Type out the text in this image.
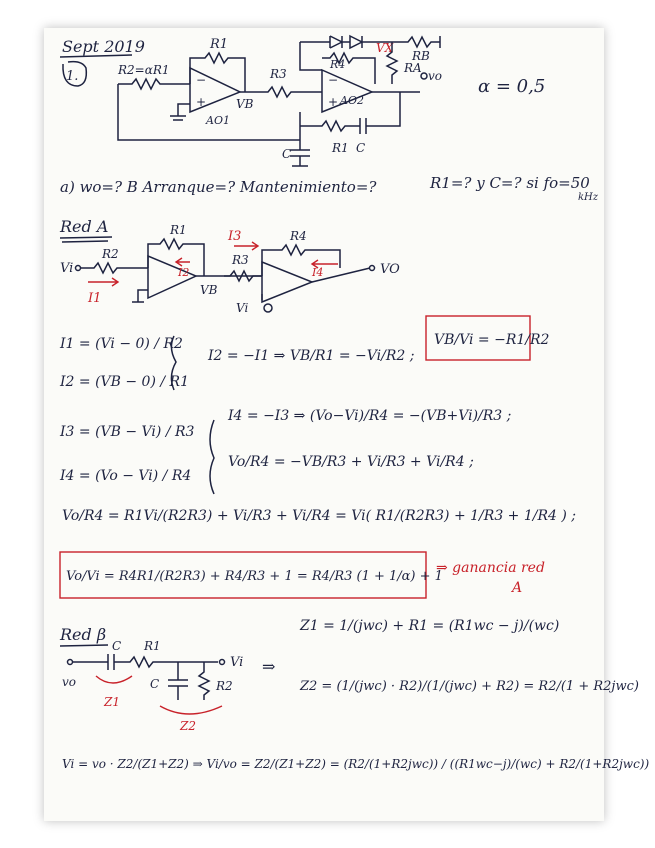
Sept 2019
1.	α = 0,5
R2=αR1
R1
−
+
AO1
VB
R3
R4
−
+ AO2
vo
VX
RB
RA
C	R1 C
a) wo=? B Arranque=? Mantenimiento=?	R1=? y C=? si fo=50
kHz
Red A
Vi
R2
I1
R1
I2
VB
I3
R3
R4
I4	VO
Vi
I1 = (Vi − 0) / R2
I2 = (VB − 0) / R1
I2 = −I1 ⇒ VB/R1 = −Vi/R2 ;
VB/Vi = −R1/R2
I3 = (VB − Vi) / R3
I4 = (Vo − Vi) / R4
I4 = −I3 ⇒ (Vo−Vi)/R4 = −(VB+Vi)/R3 ;
Vo/R4 = −VB/R3 + Vi/R3 + Vi/R4 ;
Vo/R4 = R1Vi/(R2R3) + Vi/R3 + Vi/R4 = Vi( R1/(R2R3) + 1/R3 + 1/R4 ) ;
Vo/Vi = R4R1/(R2R3) + R4/R3 + 1 = R4/R3 (1 + 1/α) + 1
⇒ ganancia red
A
Red β
vo
C R1
Vi
C	R2
Z1
Z2
⇒
Z1 = 1/(jwc) + R1 = (R1wc − j)/(wc)
Z2 = (1/(jwc) · R2)/(1/(jwc) + R2) = R2/(1 + R2jwc)
Vi = vo · Z2/(Z1+Z2) ⇒ Vi/vo = Z2/(Z1+Z2) = (R2/(1+R2jwc)) / ((R1wc−j)/(wc) + R2/(1+R2jwc))
